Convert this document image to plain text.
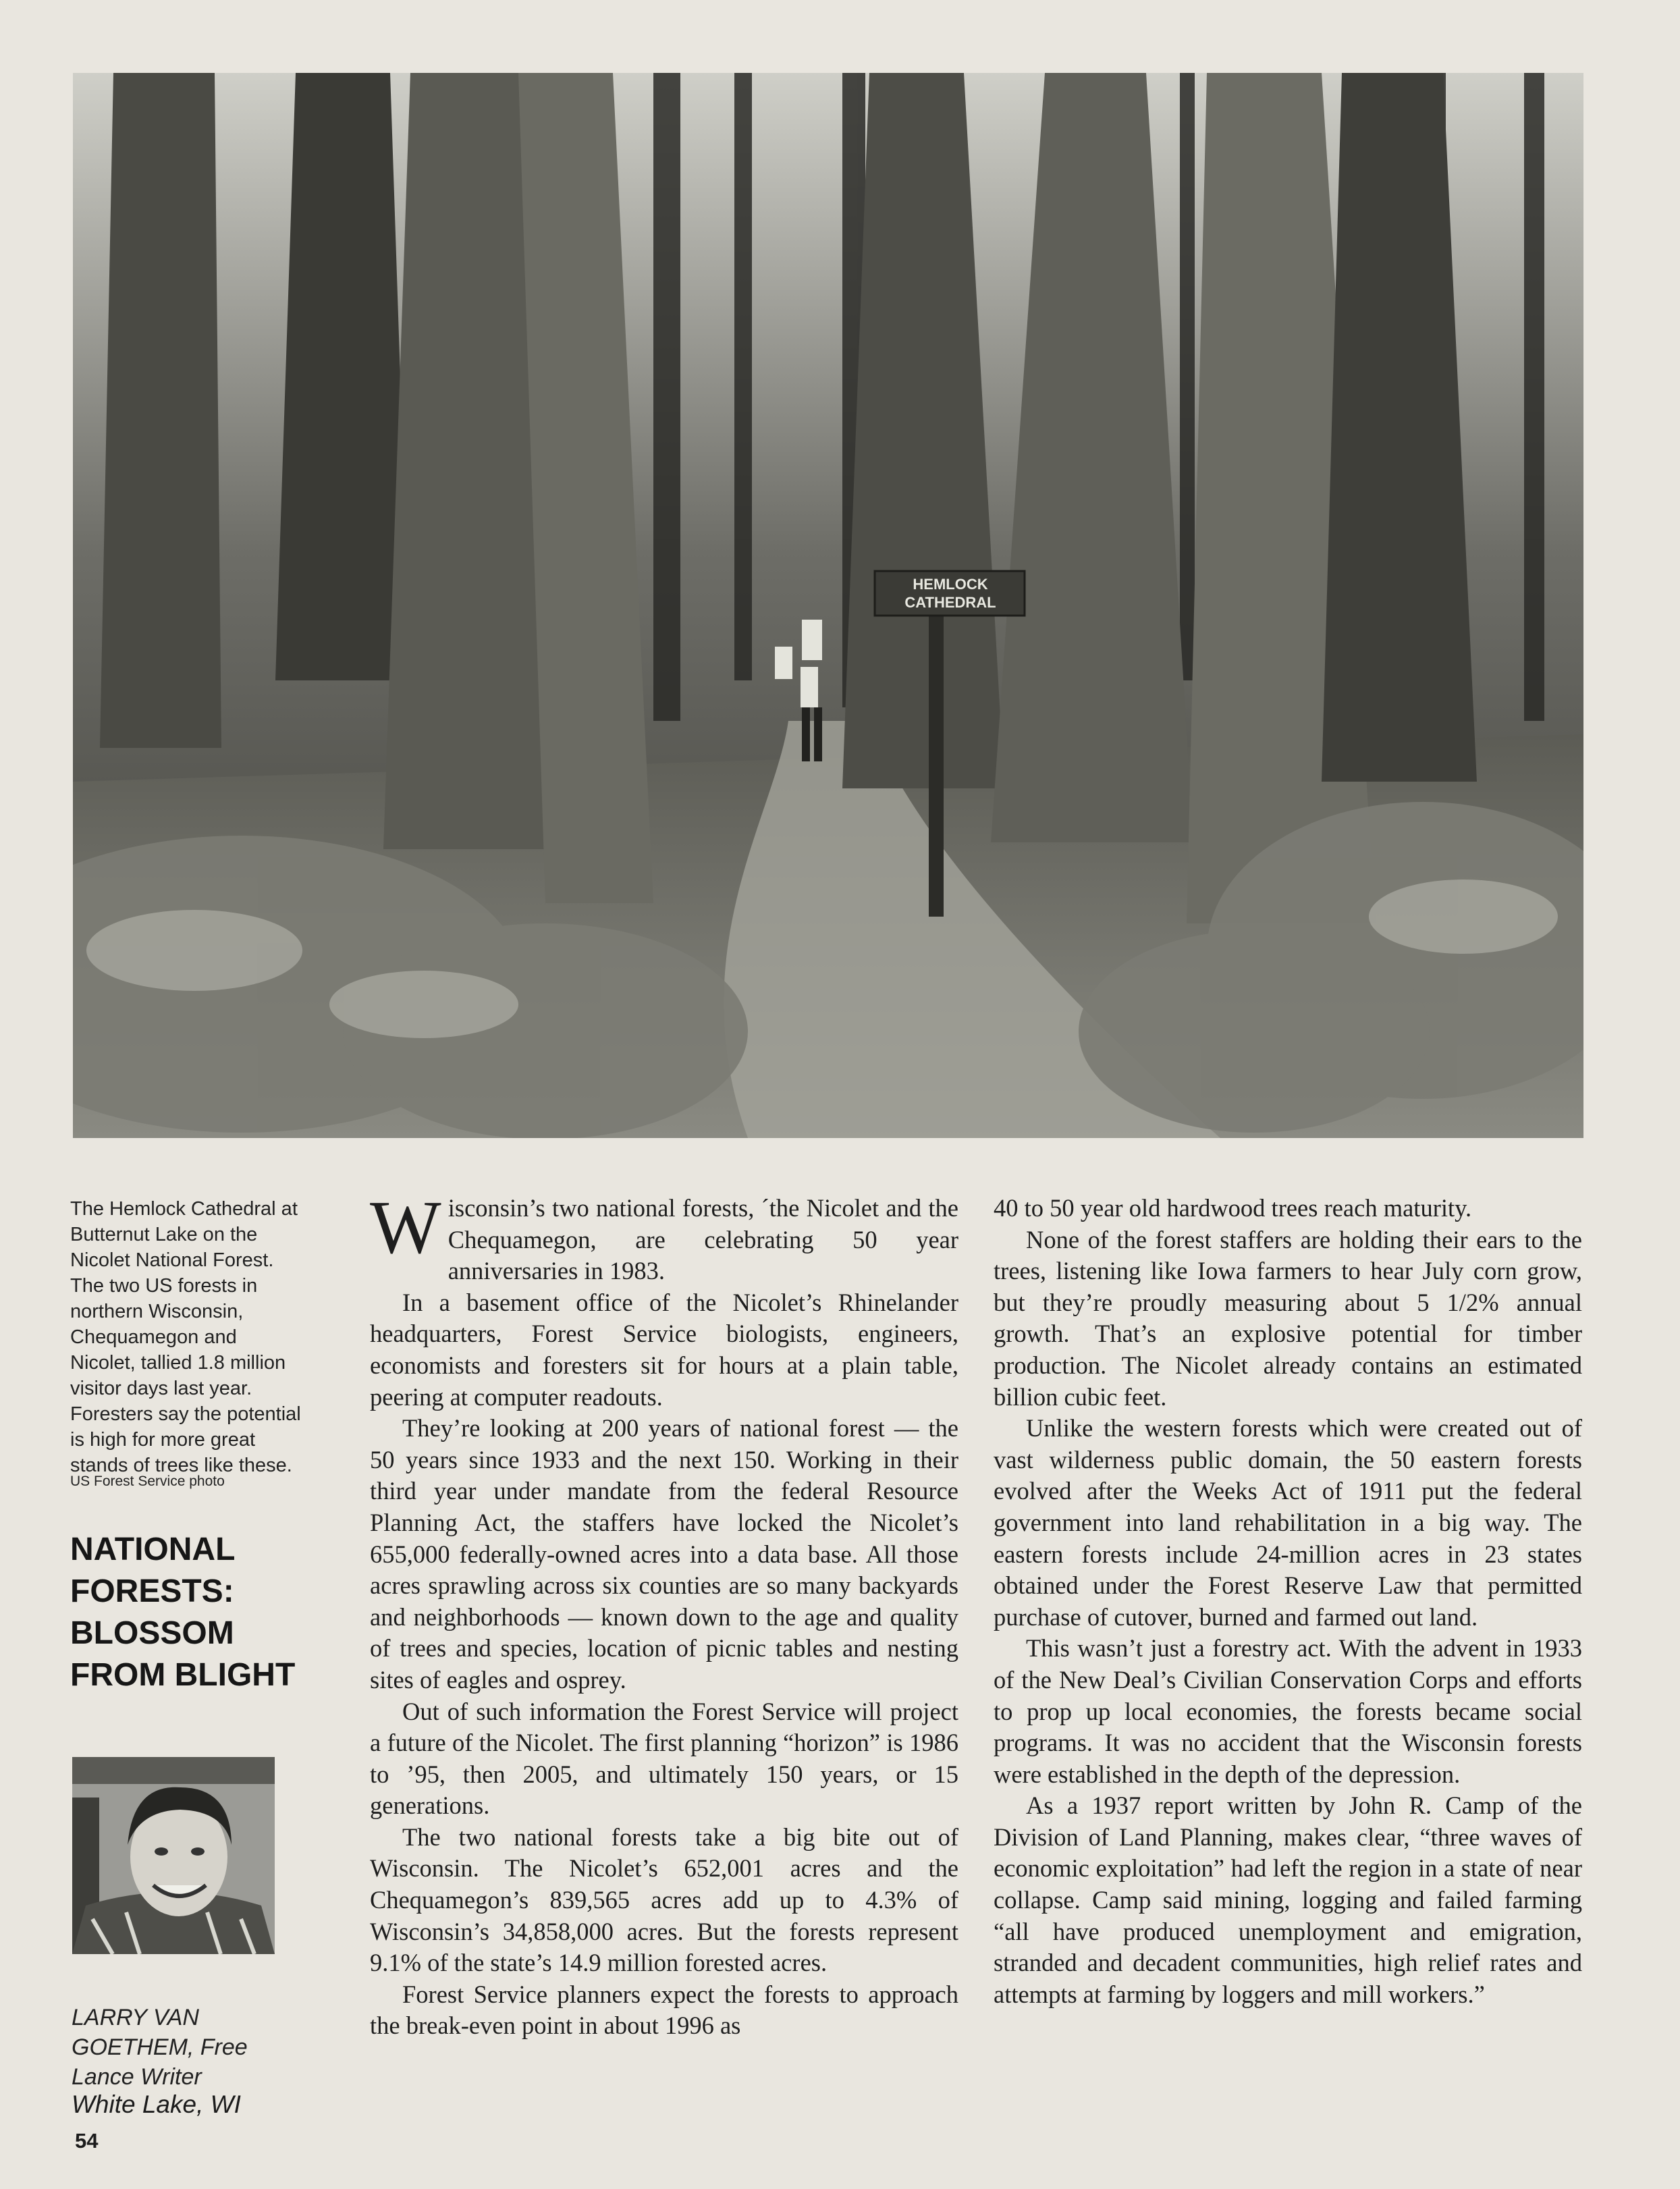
HEMLOCK
CATHEDRAL
The Hemlock Cathedral at
Butternut Lake on the
Nicolet National Forest.
The two US forests in
northern Wisconsin,
Chequamegon and
Nicolet, tallied 1.8 million
visitor days last year.
Foresters say the potential
is high for more great
stands of trees like these.
US Forest Service photo
NATIONAL
FORESTS:
BLOSSOM
FROM BLIGHT
LARRY VAN
GOETHEM, Free
Lance Writer
White Lake, WI
54

Wisconsin’s two national forests, ´the Nicolet and the Chequamegon, are celebrating 50 year anniversaries in 1983.

In a basement office of the Nicolet’s Rhinelander headquarters, Forest Service biologists, engineers, economists and foresters sit for hours at a plain table, peering at computer readouts.

They’re looking at 200 years of national forest — the 50 years since 1933 and the next 150. Working in their third year under mandate from the federal Resource Planning Act, the staffers have locked the Nicolet’s 655,000 federally-owned acres into a data base. All those acres sprawling across six counties are so many backyards and neighborhoods — known down to the age and quality of trees and species, location of picnic tables and nesting sites of eagles and osprey.

Out of such information the Forest Service will project a future of the Nicolet. The first planning “horizon” is 1986 to ’95, then 2005, and ultimately 150 years, or 15 generations.

The two national forests take a big bite out of Wisconsin. The Nicolet’s 652,001 acres and the Chequamegon’s 839,565 acres add up to 4.3% of Wisconsin’s 34,858,000 acres. But the forests represent 9.1% of the state’s 14.9 million forested acres.

Forest Service planners expect the forests to approach the break-even point in about 1996 as

40 to 50 year old hardwood trees reach maturity.

None of the forest staffers are holding their ears to the trees, listening like Iowa farmers to hear July corn grow, but they’re proudly measuring about 5 1/2% annual growth. That’s an explosive potential for timber production. The Nicolet already contains an estimated billion cubic feet.

Unlike the western forests which were created out of vast wilderness public domain, the 50 eastern forests evolved after the Weeks Act of 1911 put the federal government into land rehabilitation in a big way. The eastern forests include 24-million acres in 23 states obtained under the Forest Reserve Law that permitted purchase of cutover, burned and farmed out land.

This wasn’t just a forestry act. With the advent in 1933 of the New Deal’s Civilian Conservation Corps and efforts to prop up local economies, the forests became social programs. It was no accident that the Wisconsin forests were established in the depth of the depression.

As a 1937 report written by John R. Camp of the Division of Land Planning, makes clear, “three waves of economic exploitation” had left the region in a state of near collapse. Camp said mining, logging and failed farming “all have produced unemployment and emigration, stranded and decadent communities, high relief rates and attempts at farming by loggers and mill workers.”
